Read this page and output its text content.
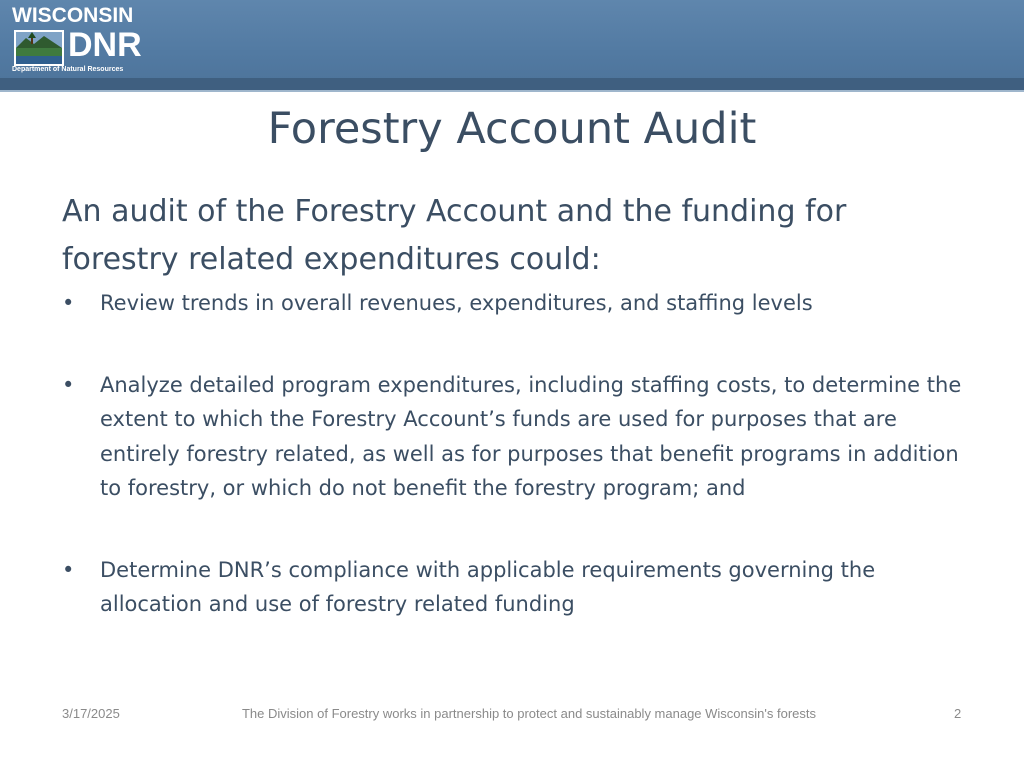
WISCONSIN
DNR
Department of Natural Resources
Forestry Account Audit
An audit of the Forestry Account and the funding for forestry related expenditures could:
• Review trends in overall revenues, expenditures, and staffing levels
• Analyze detailed program expenditures, including staffing costs, to determine the extent to which the Forestry Account’s funds are used for purposes that are entirely forestry related, as well as for purposes that benefit programs in addition to forestry, or which do not benefit the forestry program; and
• Determine DNR’s compliance with applicable requirements governing the allocation and use of forestry related funding
3/17/2025	The Division of Forestry works in partnership to protect and sustainably manage Wisconsin's forests	2
